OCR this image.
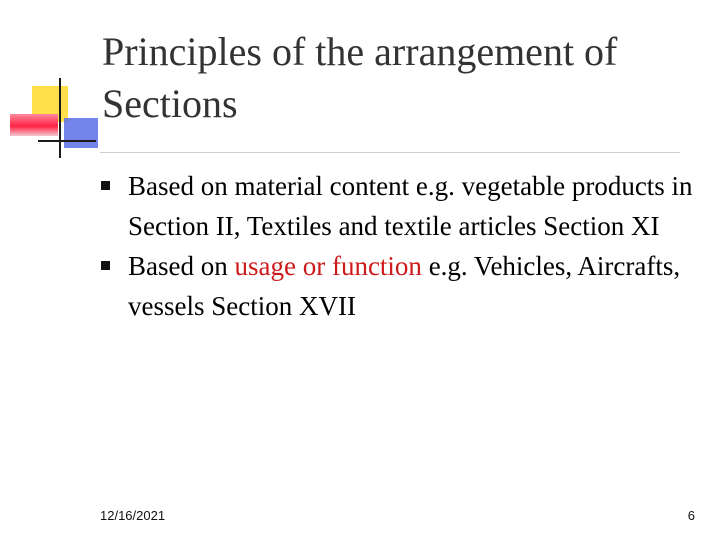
Principles of the arrangement of Sections
Based on material content e.g. vegetable products in Section II, Textiles and textile articles Section XI
Based on usage or function e.g. Vehicles, Aircrafts, vessels Section XVII
12/16/2021	6
